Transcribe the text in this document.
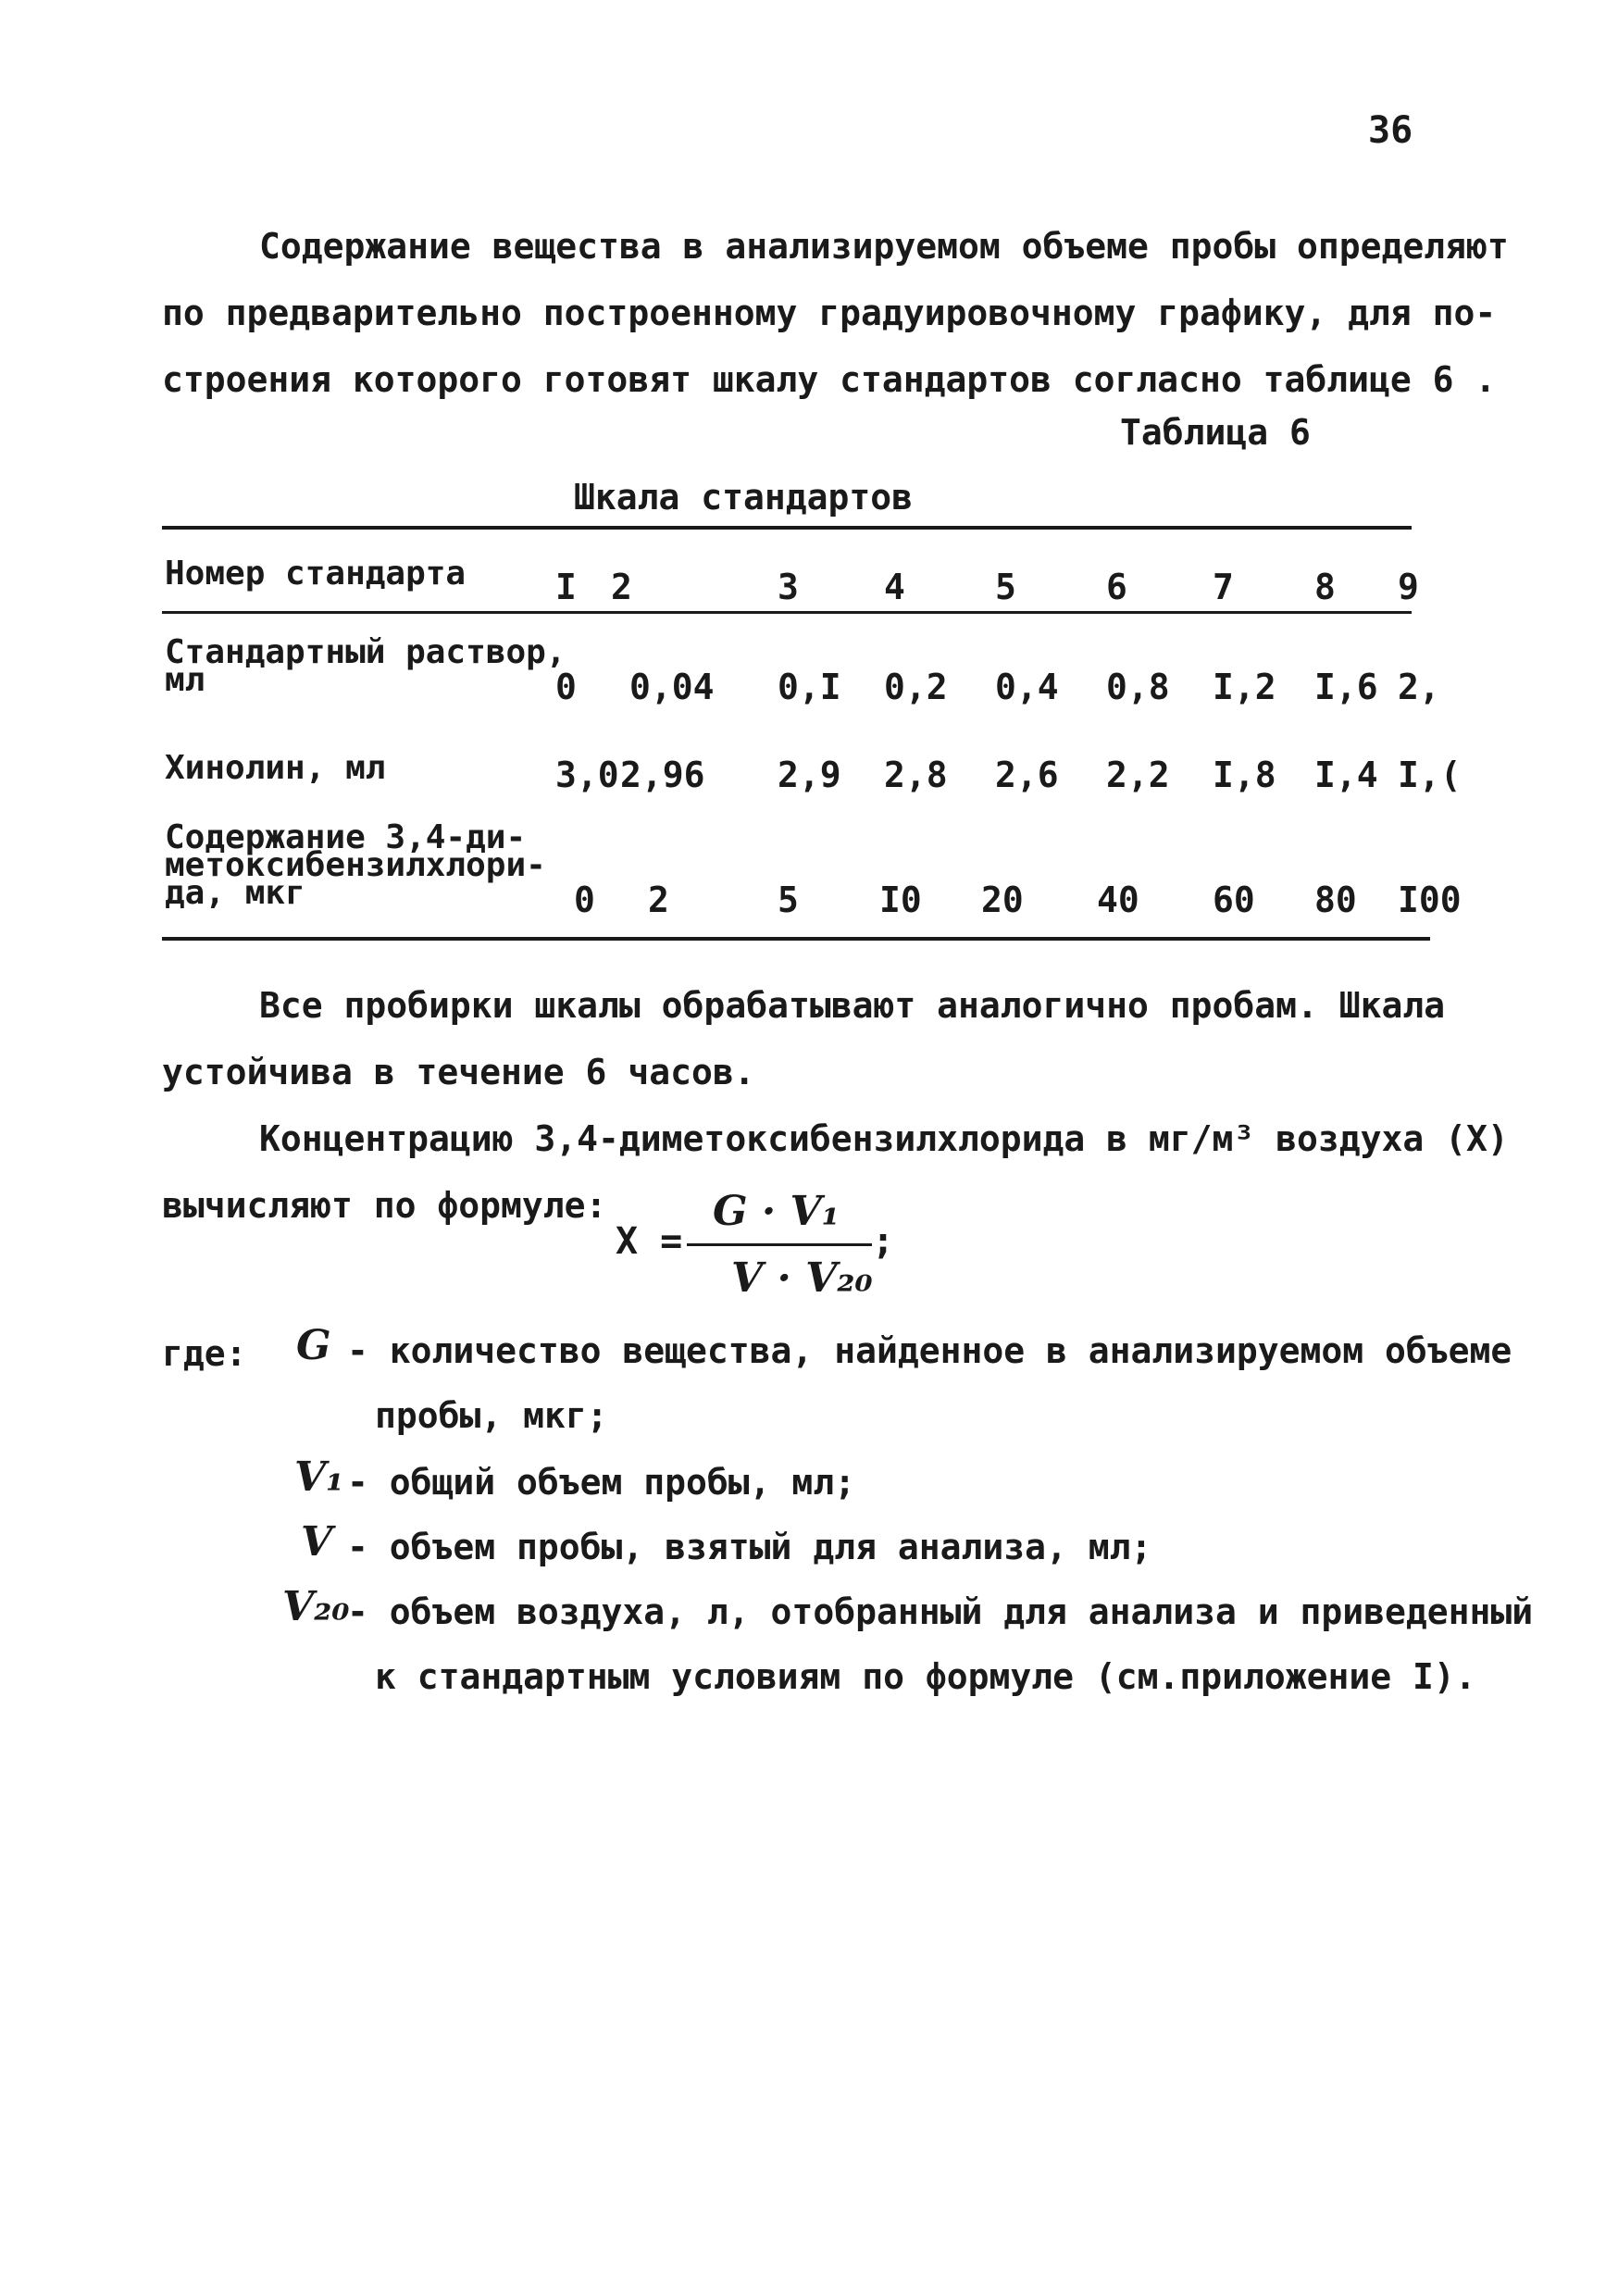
36
Содержание вещества в анализируемом объеме пробы определяют
по предварительно построенному градуировочному графику, для по-
строения которого готовят шкалу стандартов согласно таблице 6 .
Таблица 6
Шкала стандартов
Номер стандарта	I 2	3 4	5	6 7 8 9
Стандартный раствор,
мл	0 0,04 0,I 0,2 0,4 0,8 I,2 I,6 2,
Хинолин, мл	3,0 2,96 2,9 2,8 2,6 2,2 I,8 I,4 I,(
Содержание 3,4-ди-
метоксибензилхлори-
да, мкг	0 2	5 I0 20 40 60 80 I00
Все пробирки шкалы обрабатывают аналогично пробам. Шкала
устойчива в течение 6 часов.
Концентрацию 3,4-диметоксибензилхлорида в мг/м³ воздуха (X)
вычисляют по формуле:
X =
G · V₁
V · V₂₀
;
где: G - количество вещества, найденное в анализируемом объеме
пробы, мкг;
V₁ - общий объем пробы, мл;
V - объем пробы, взятый для анализа, мл;
V₂₀
- объем воздуха, л, отобранный для анализа и приведенный
к стандартным условиям по формуле (см.приложение I).
